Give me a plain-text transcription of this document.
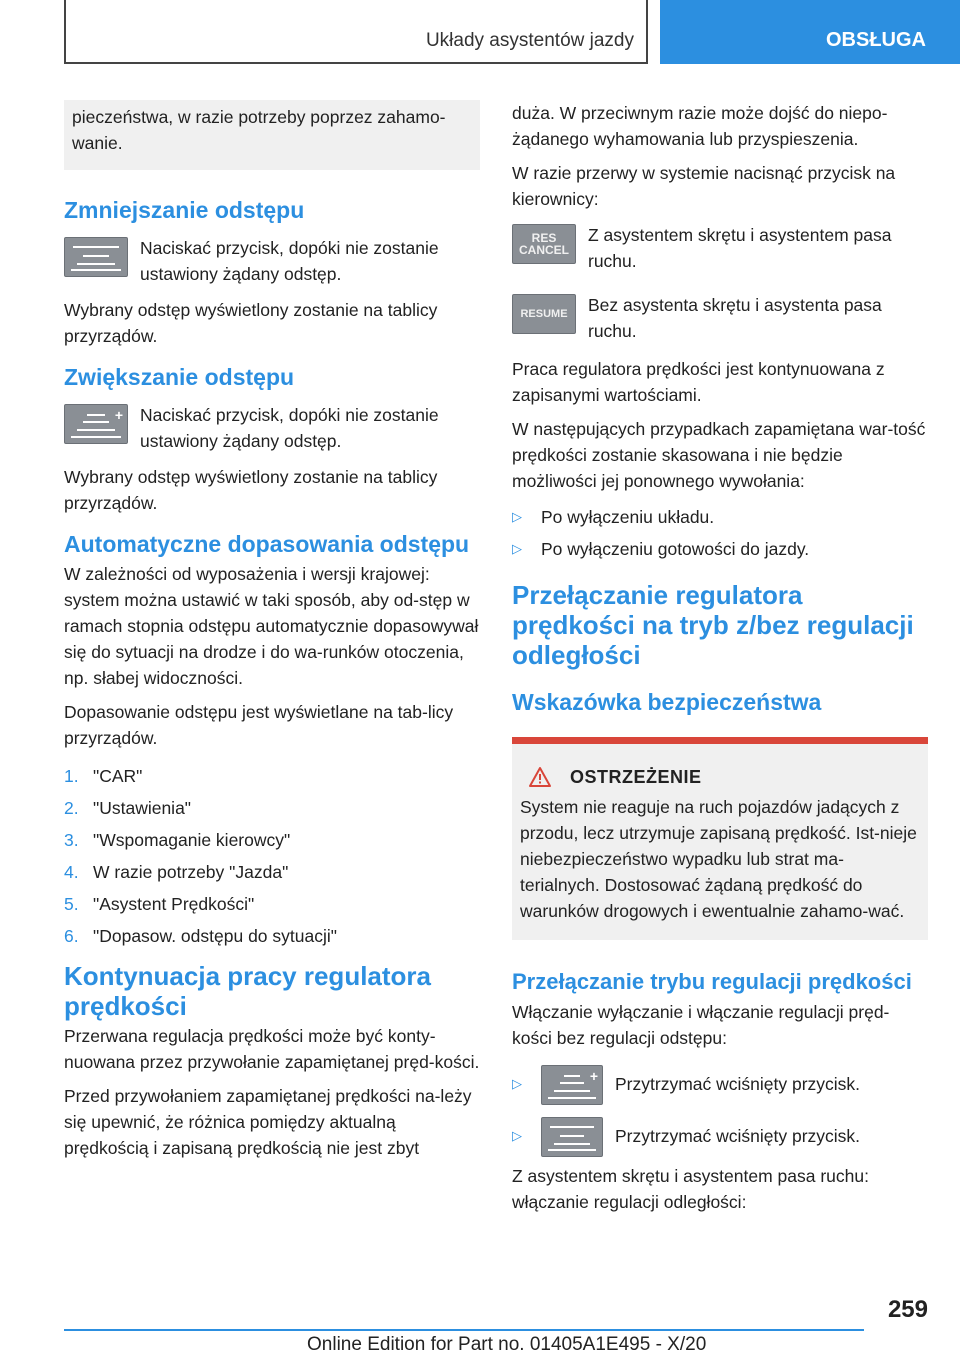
Układy asystentów jazdy	OBSŁUGA

pieczeństwa, w razie potrzeby poprzez zahamo-wanie.

Zmniejszanie odstępu
Naciskać przycisk, dopóki nie zostanie ustawiony żądany odstęp.

Wybrany odstęp wyświetlony zostanie na tablicy przyrządów.

Zwiększanie odstępu
+ Naciskać przycisk, dopóki nie zostanie ustawiony żądany odstęp.

Wybrany odstęp wyświetlony zostanie na tablicy przyrządów.

Automatyczne dopasowania odstępu

W zależności od wyposażenia i wersji krajowej: system można ustawić w taki sposób, aby od-stęp w ramach stopnia odstępu automatycznie dopasowywał się do sytuacji na drodze i do wa-runków otoczenia, np. słabej widoczności.

Dopasowanie odstępu jest wyświetlane na tab-licy przyrządów.

1. "CAR"
2. "Ustawienia"
3. "Wspomaganie kierowcy"
4. W razie potrzeby "Jazda"
5. "Asystent Prędkości"
6. "Dopasow. odstępu do sytuacji"
Kontynuacja pracy regulatora prędkości

Przerwana regulacja prędkości może być konty-nuowana przez przywołanie zapamiętanej pręd-kości.

Przed przywołaniem zapamiętanej prędkości na-leży się upewnić, że różnica pomiędzy aktualną prędkością i zapisaną prędkością nie jest zbyt

duża. W przeciwnym razie może dojść do niepo-żądanego wyhamowania lub przyspieszenia.

W razie przerwy w systemie nacisnąć przycisk na kierownicy:

RES
CANCEL
Z asystentem skrętu i asystentem pasa ruchu.
RESUME	Bez asystenta skrętu i asystenta pasa ruchu.

Praca regulatora prędkości jest kontynuowana z zapisanymi wartościami.

W następujących przypadkach zapamiętana war-tość prędkości zostanie skasowana i nie będzie możliwości jej ponownego wywołania:

▷	Po wyłączeniu układu.
▷	Po wyłączeniu gotowości do jazdy.
Przełączanie regulatora prędkości na tryb z/bez regulacji odległości
Wskazówka bezpieczeństwa
OSTRZEŻENIE

System nie reaguje na ruch pojazdów jadących z przodu, lecz utrzymuje zapisaną prędkość. Ist-nieje niebezpieczeństwo wypadku lub strat ma-terialnych. Dostosować żądaną prędkość do warunków drogowych i ewentualnie zahamo-wać.

Przełączanie trybu regulacji prędkości

Włączanie wyłączanie i włączanie regulacji pręd-kości bez regulacji odstępu:

▷	+ Przytrzymać wciśnięty przycisk.
▷	Przytrzymać wciśnięty przycisk.

Z asystentem skrętu i asystentem pasa ruchu: włączanie regulacji odległości:

259
Online Edition for Part no. 01405A1E495 - X/20
